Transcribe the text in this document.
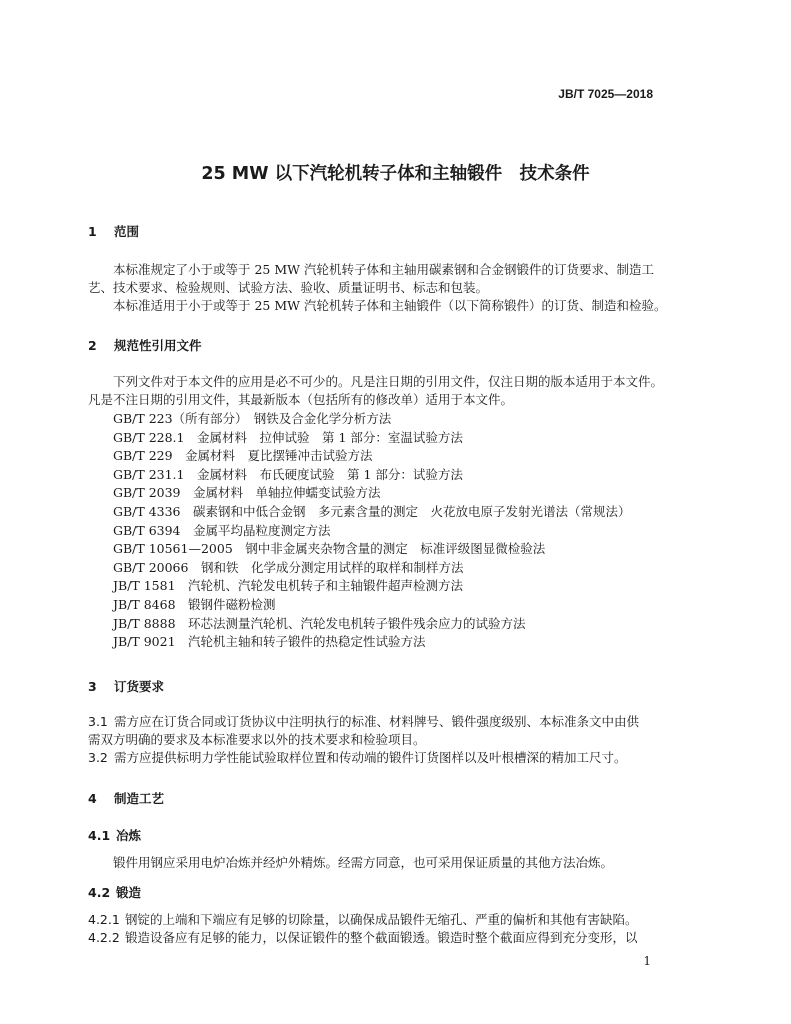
JB/T 7025—2018
25 MW 以下汽轮机转子体和主轴锻件　技术条件
1 范围
本标准规定了小于或等于 25 MW 汽轮机转子体和主轴用碳素钢和合金钢锻件的订货要求、制造工
艺、技术要求、检验规则、试验方法、验收、质量证明书、标志和包装。
本标准适用于小于或等于 25 MW 汽轮机转子体和主轴锻件（以下简称锻件）的订货、制造和检验。
2 规范性引用文件
下列文件对于本文件的应用是必不可少的。凡是注日期的引用文件，仅注日期的版本适用于本文件。
凡是不注日期的引用文件，其最新版本（包括所有的修改单）适用于本文件。
GB/T 223（所有部分）　钢铁及合金化学分析方法
GB/T 228.1　金属材料　拉伸试验　第 1 部分：室温试验方法
GB/T 229　金属材料　夏比摆锤冲击试验方法
GB/T 231.1　金属材料　布氏硬度试验　第 1 部分：试验方法
GB/T 2039　金属材料　单轴拉伸蠕变试验方法
GB/T 4336　碳素钢和中低合金钢　多元素含量的测定　火花放电原子发射光谱法（常规法）
GB/T 6394　金属平均晶粒度测定方法
GB/T 10561—2005　钢中非金属夹杂物含量的测定　标准评级图显微检验法
GB/T 20066　钢和铁　化学成分测定用试样的取样和制样方法
JB/T 1581　汽轮机、汽轮发电机转子和主轴锻件超声检测方法
JB/T 8468　锻钢件磁粉检测
JB/T 8888　环芯法测量汽轮机、汽轮发电机转子锻件残余应力的试验方法
JB/T 9021　汽轮机主轴和转子锻件的热稳定性试验方法
3 订货要求
3.1 需方应在订货合同或订货协议中注明执行的标准、材料牌号、锻件强度级别、本标准条文中由供
需双方明确的要求及本标准要求以外的技术要求和检验项目。
3.2 需方应提供标明力学性能试验取样位置和传动端的锻件订货图样以及叶根槽深的精加工尺寸。
4 制造工艺
4.1 冶炼
锻件用钢应采用电炉冶炼并经炉外精炼。经需方同意，也可采用保证质量的其他方法冶炼。
4.2 锻造
4.2.1 钢锭的上端和下端应有足够的切除量，以确保成品锻件无缩孔、严重的偏析和其他有害缺陷。
4.2.2 锻造设备应有足够的能力，以保证锻件的整个截面锻透。锻造时整个截面应得到充分变形，以
1
